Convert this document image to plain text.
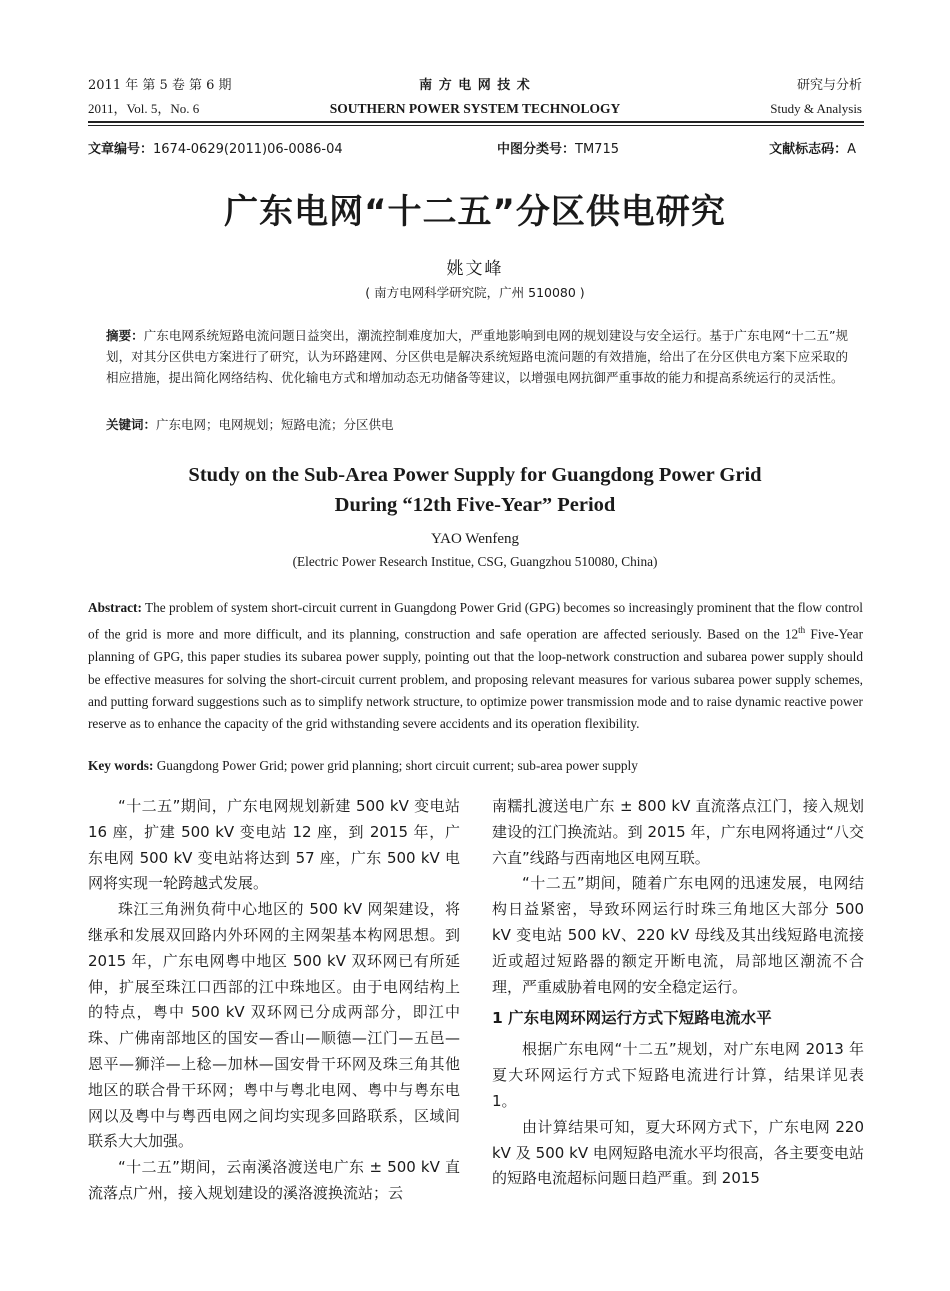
2011 年 第 5 卷 第 6 期
2011，Vol. 5，No. 6
南 方 电 网 技 术
SOUTHERN POWER SYSTEM TECHNOLOGY
研究与分析
Study & Analysis
文章编号：1674-0629(2011)06-0086-04	中图分类号：TM715	文献标志码：A
广东电网“十二五”分区供电研究
姚文峰
( 南方电网科学研究院，广州 510080 )
摘要：广东电网系统短路电流问题日益突出，潮流控制难度加大，严重地影响到电网的规划建设与安全运行。基于广东电网“十二五”规划，对其分区供电方案进行了研究，认为环路建网、分区供电是解决系统短路电流问题的有效措施，给出了在分区供电方案下应采取的相应措施，提出简化网络结构、优化输电方式和增加动态无功储备等建议，以增强电网抗御严重事故的能力和提高系统运行的灵活性。
关键词：广东电网；电网规划；短路电流；分区供电
Study on the Sub-Area Power Supply for Guangdong Power Grid
During “12th Five-Year” Period
YAO Wenfeng
(Electric Power Research Institue, CSG, Guangzhou 510080, China)
Abstract: The problem of system short-circuit current in Guangdong Power Grid (GPG) becomes so increasingly prominent that the flow control of the grid is more and more difficult, and its planning, construction and safe operation are affected seriously. Based on the 12th Five-Year planning of GPG, this paper studies its subarea power supply, pointing out that the loop-network construction and subarea power supply should be effective measures for solving the short-circuit current problem, and proposing relevant measures for various subarea power supply schemes, and putting forward suggestions such as to simplify network structure, to optimize power transmission mode and to raise dynamic reactive power reserve as to enhance the capacity of the grid withstanding severe accidents and its operation flexibility.
Key words: Guangdong Power Grid; power grid planning; short circuit current; sub-area power supply

“十二五”期间，广东电网规划新建 500 kV 变电站 16 座，扩建 500 kV 变电站 12 座，到 2015 年，广东电网 500 kV 变电站将达到 57 座，广东 500 kV 电网将实现一轮跨越式发展。

珠江三角洲负荷中心地区的 500 kV 网架建设，将继承和发展双回路内外环网的主网架基本构网思想。到 2015 年，广东电网粤中地区 500 kV 双环网已有所延伸，扩展至珠江口西部的江中珠地区。由于电网结构上的特点，粤中 500 kV 双环网已分成两部分，即江中珠、广佛南部地区的国安—香山—顺德—江门—五邑—恩平—狮洋—上稔—加林—国安骨干环网及珠三角其他地区的联合骨干环网；粤中与粤北电网、粤中与粤东电网以及粤中与粤西电网之间均实现多回路联系，区域间联系大大加强。

“十二五”期间，云南溪洛渡送电广东 ± 500 kV 直流落点广州，接入规划建设的溪洛渡换流站；云

南糯扎渡送电广东 ± 800 kV 直流落点江门，接入规划建设的江门换流站。到 2015 年，广东电网将通过“八交六直”线路与西南地区电网互联。

“十二五”期间，随着广东电网的迅速发展，电网结构日益紧密，导致环网运行时珠三角地区大部分 500 kV 变电站 500 kV、220 kV 母线及其出线短路电流接近或超过短路器的额定开断电流，局部地区潮流不合理，严重威胁着电网的安全稳定运行。

1 广东电网环网运行方式下短路电流水平

根据广东电网“十二五”规划，对广东电网 2013 年夏大环网运行方式下短路电流进行计算，结果详见表 1。

由计算结果可知，夏大环网方式下，广东电网 220 kV 及 500 kV 电网短路电流水平均很高，各主要变电站的短路电流超标问题日趋严重。到 2015
